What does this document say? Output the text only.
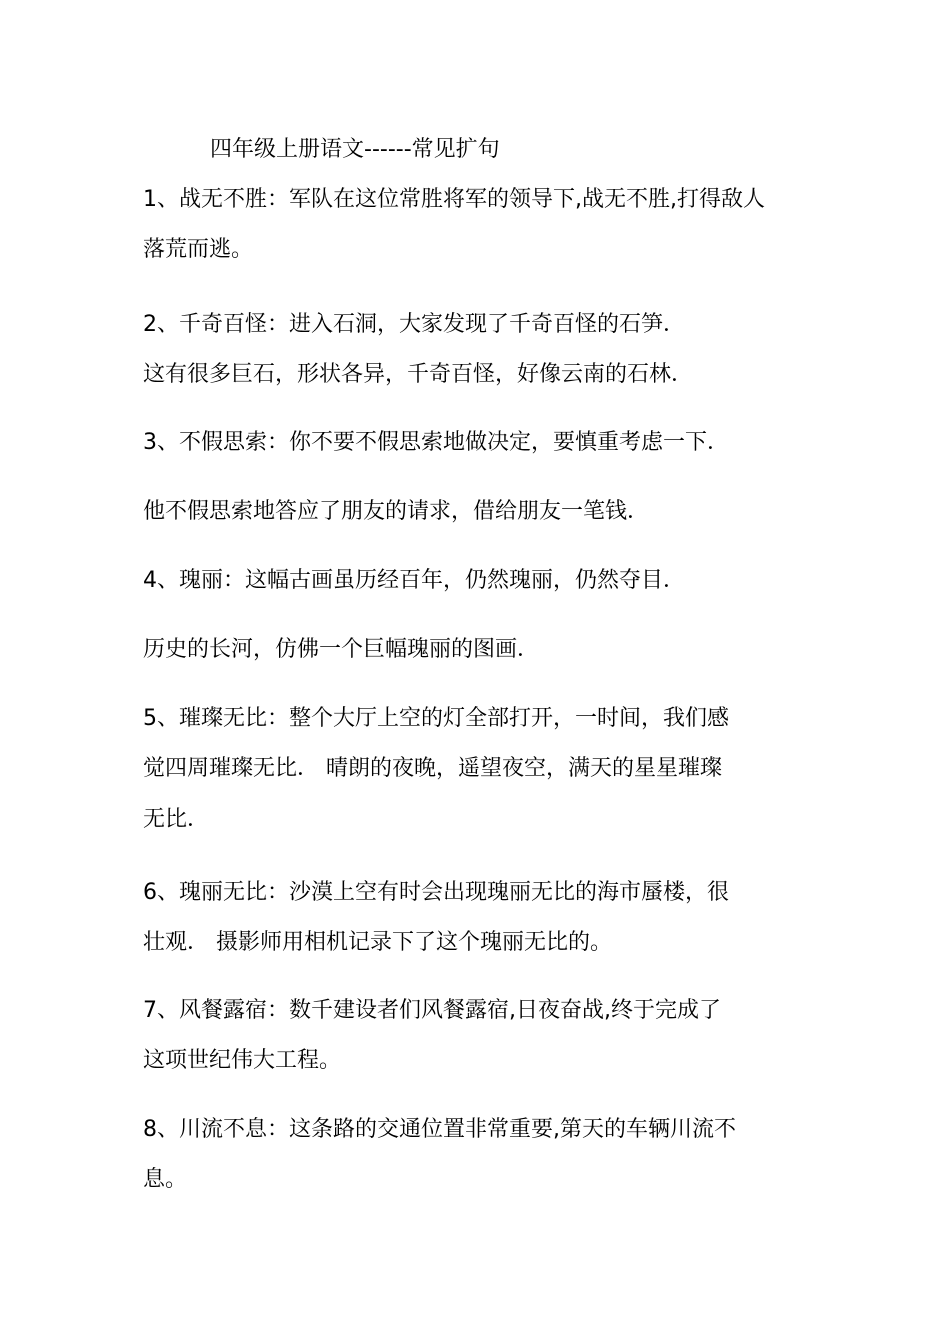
四年级上册语文------常见扩句
1、战无不胜：军队在这位常胜将军的领导下,战无不胜,打得敌人
落荒而逃。
2、千奇百怪：进入石洞，大家发现了千奇百怪的石笋．
这有很多巨石，形状各异，千奇百怪，好像云南的石林．
3、不假思索：你不要不假思索地做决定，要慎重考虑一下．
他不假思索地答应了朋友的请求，借给朋友一笔钱．
4、瑰丽：这幅古画虽历经百年，仍然瑰丽，仍然夺目．
历史的长河，仿佛一个巨幅瑰丽的图画．
5、璀璨无比：整个大厅上空的灯全部打开，一时间，我们感
觉四周璀璨无比． 晴朗的夜晚，遥望夜空，满天的星星璀璨
无比．
6、瑰丽无比：沙漠上空有时会出现瑰丽无比的海市蜃楼，很
壮观． 摄影师用相机记录下了这个瑰丽无比的。
7、风餐露宿：数千建设者们风餐露宿,日夜奋战,终于完成了
这项世纪伟大工程。
8、川流不息：这条路的交通位置非常重要,第天的车辆川流不
息。
